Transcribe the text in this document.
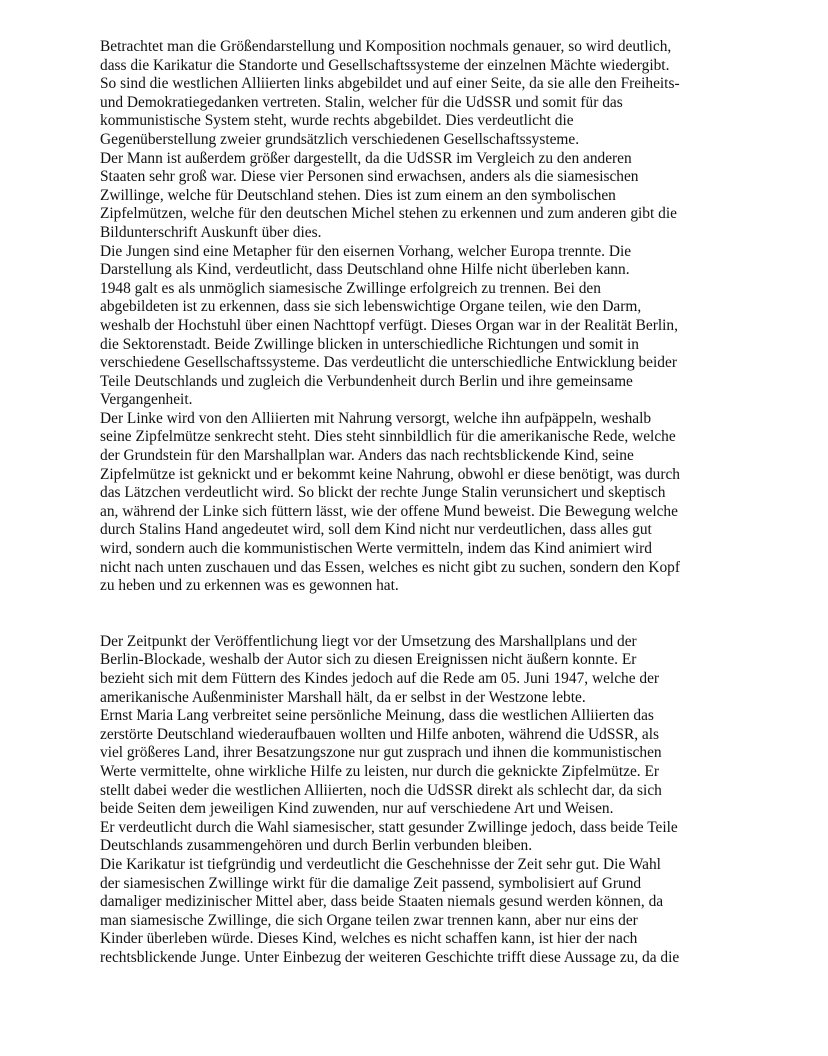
Betrachtet man die Größendarstellung und Komposition nochmals genauer, so wird deutlich,
dass die Karikatur die Standorte und Gesellschaftssysteme der einzelnen Mächte wiedergibt.
So sind die westlichen Alliierten links abgebildet und auf einer Seite, da sie alle den Freiheits-
und Demokratiegedanken vertreten. Stalin, welcher für die UdSSR und somit für das
kommunistische System steht, wurde rechts abgebildet. Dies verdeutlicht die
Gegenüberstellung zweier grundsätzlich verschiedenen Gesellschaftssysteme.
Der Mann ist außerdem größer dargestellt, da die UdSSR im Vergleich zu den anderen
Staaten sehr groß war. Diese vier Personen sind erwachsen, anders als die siamesischen
Zwillinge, welche für Deutschland stehen. Dies ist zum einem an den symbolischen
Zipfelmützen, welche für den deutschen Michel stehen zu erkennen und zum anderen gibt die
Bildunterschrift Auskunft über dies.
Die Jungen sind eine Metapher für den eisernen Vorhang, welcher Europa trennte. Die
Darstellung als Kind, verdeutlicht, dass Deutschland ohne Hilfe nicht überleben kann.
1948 galt es als unmöglich siamesische Zwillinge erfolgreich zu trennen. Bei den
abgebildeten ist zu erkennen, dass sie sich lebenswichtige Organe teilen, wie den Darm,
weshalb der Hochstuhl über einen Nachttopf verfügt. Dieses Organ war in der Realität Berlin,
die Sektorenstadt. Beide Zwillinge blicken in unterschiedliche Richtungen und somit in
verschiedene Gesellschaftssysteme. Das verdeutlicht die unterschiedliche Entwicklung beider
Teile Deutschlands und zugleich die Verbundenheit durch Berlin und ihre gemeinsame
Vergangenheit.
Der Linke wird von den Alliierten mit Nahrung versorgt, welche ihn aufpäppeln, weshalb
seine Zipfelmütze senkrecht steht. Dies steht sinnbildlich für die amerikanische Rede, welche
der Grundstein für den Marshallplan war. Anders das nach rechtsblickende Kind, seine
Zipfelmütze ist geknickt und er bekommt keine Nahrung, obwohl er diese benötigt, was durch
das Lätzchen verdeutlicht wird. So blickt der rechte Junge Stalin verunsichert und skeptisch
an, während der Linke sich füttern lässt, wie der offene Mund beweist. Die Bewegung welche
durch Stalins Hand angedeutet wird, soll dem Kind nicht nur verdeutlichen, dass alles gut
wird, sondern auch die kommunistischen Werte vermitteln, indem das Kind animiert wird
nicht nach unten zuschauen und das Essen, welches es nicht gibt zu suchen, sondern den Kopf
zu heben und zu erkennen was es gewonnen hat.
Der Zeitpunkt der Veröffentlichung liegt vor der Umsetzung des Marshallplans und der
Berlin-Blockade, weshalb der Autor sich zu diesen Ereignissen nicht äußern konnte. Er
bezieht sich mit dem Füttern des Kindes jedoch auf die Rede am 05. Juni 1947, welche der
amerikanische Außenminister Marshall hält, da er selbst in der Westzone lebte.
Ernst Maria Lang verbreitet seine persönliche Meinung, dass die westlichen Alliierten das
zerstörte Deutschland wiederaufbauen wollten und Hilfe anboten, während die UdSSR, als
viel größeres Land, ihrer Besatzungszone nur gut zusprach und ihnen die kommunistischen
Werte vermittelte, ohne wirkliche Hilfe zu leisten, nur durch die geknickte Zipfelmütze. Er
stellt dabei weder die westlichen Alliierten, noch die UdSSR direkt als schlecht dar, da sich
beide Seiten dem jeweiligen Kind zuwenden, nur auf verschiedene Art und Weisen.
Er verdeutlicht durch die Wahl siamesischer, statt gesunder Zwillinge jedoch, dass beide Teile
Deutschlands zusammengehören und durch Berlin verbunden bleiben.
Die Karikatur ist tiefgründig und verdeutlicht die Geschehnisse der Zeit sehr gut. Die Wahl
der siamesischen Zwillinge wirkt für die damalige Zeit passend, symbolisiert auf Grund
damaliger medizinischer Mittel aber, dass beide Staaten niemals gesund werden können, da
man siamesische Zwillinge, die sich Organe teilen zwar trennen kann, aber nur eins der
Kinder überleben würde. Dieses Kind, welches es nicht schaffen kann, ist hier der nach
rechtsblickende Junge. Unter Einbezug der weiteren Geschichte trifft diese Aussage zu, da die
